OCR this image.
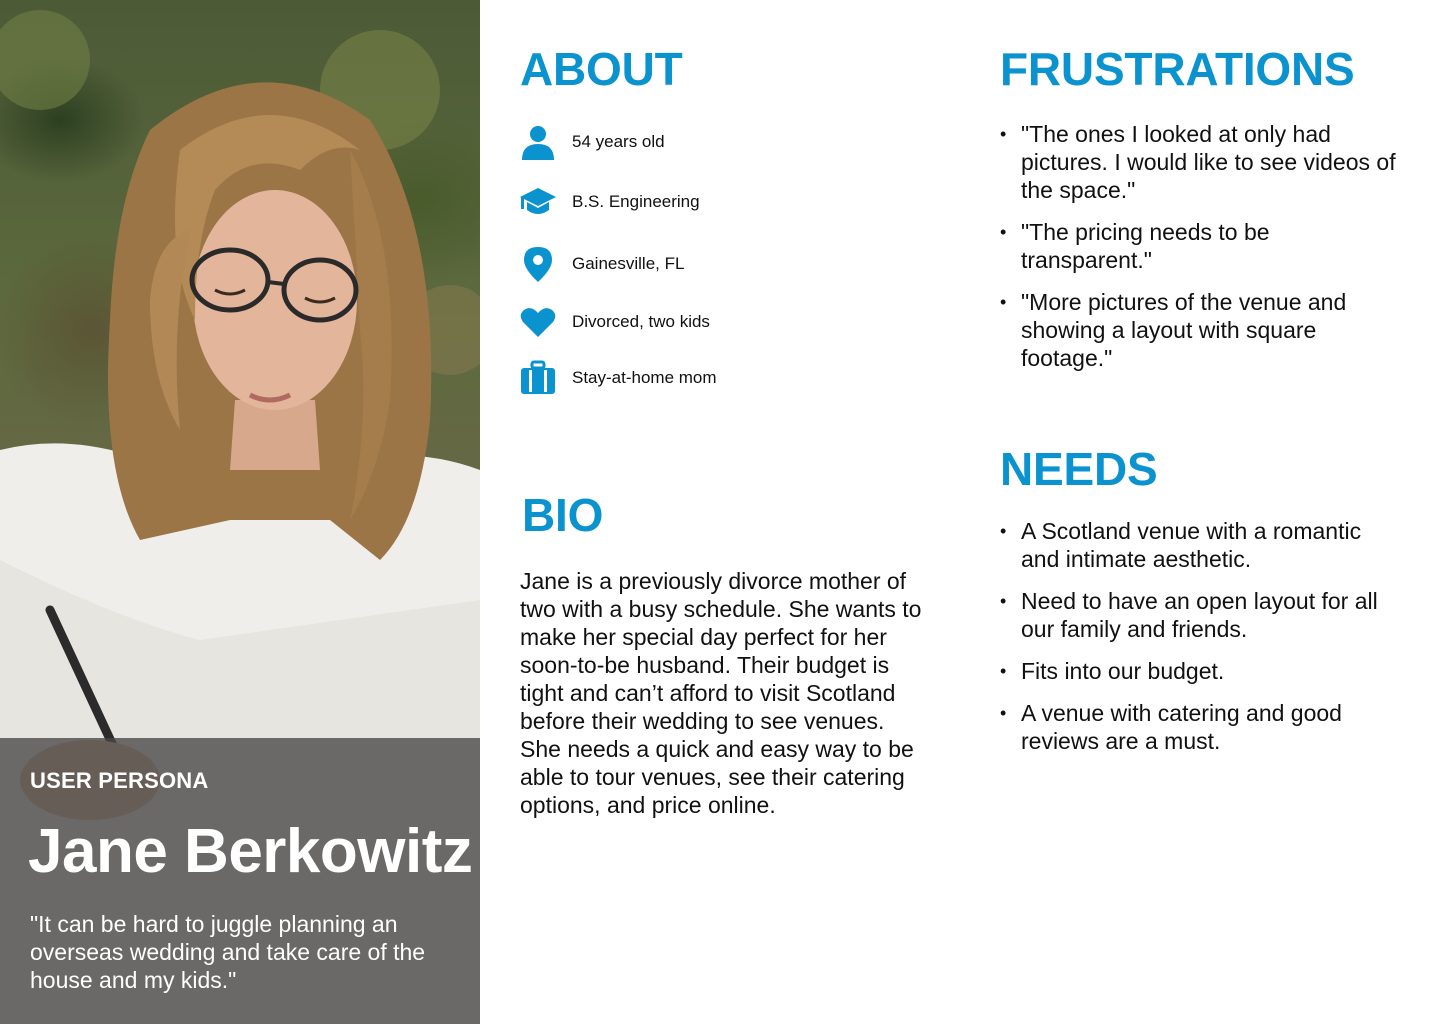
USER PERSONA
Jane Berkowitz
"It can be hard to juggle planning an overseas wedding and take care of the house and my kids."
ABOUT
54 years old
B.S. Engineering
Gainesville, FL
Divorced, two kids
Stay-at-home mom
BIO
Jane is a previously divorce mother of two with a busy schedule. She wants to make her special day perfect for her soon-to-be husband. Their budget is tight and can’t afford to visit Scotland before their wedding to see venues. She needs a quick and easy way to be able to tour venues, see their catering options, and price online.
FRUSTRATIONS
• "The ones I looked at only had pictures. I would like to see videos of the space."
• "The pricing needs to be transparent."
• "More pictures of the venue and showing a layout with square footage."
NEEDS
• A Scotland venue with a romantic and intimate aesthetic.
• Need to have an open layout for all our family and friends.
• Fits into our budget.
• A venue with catering and good reviews are a must.
